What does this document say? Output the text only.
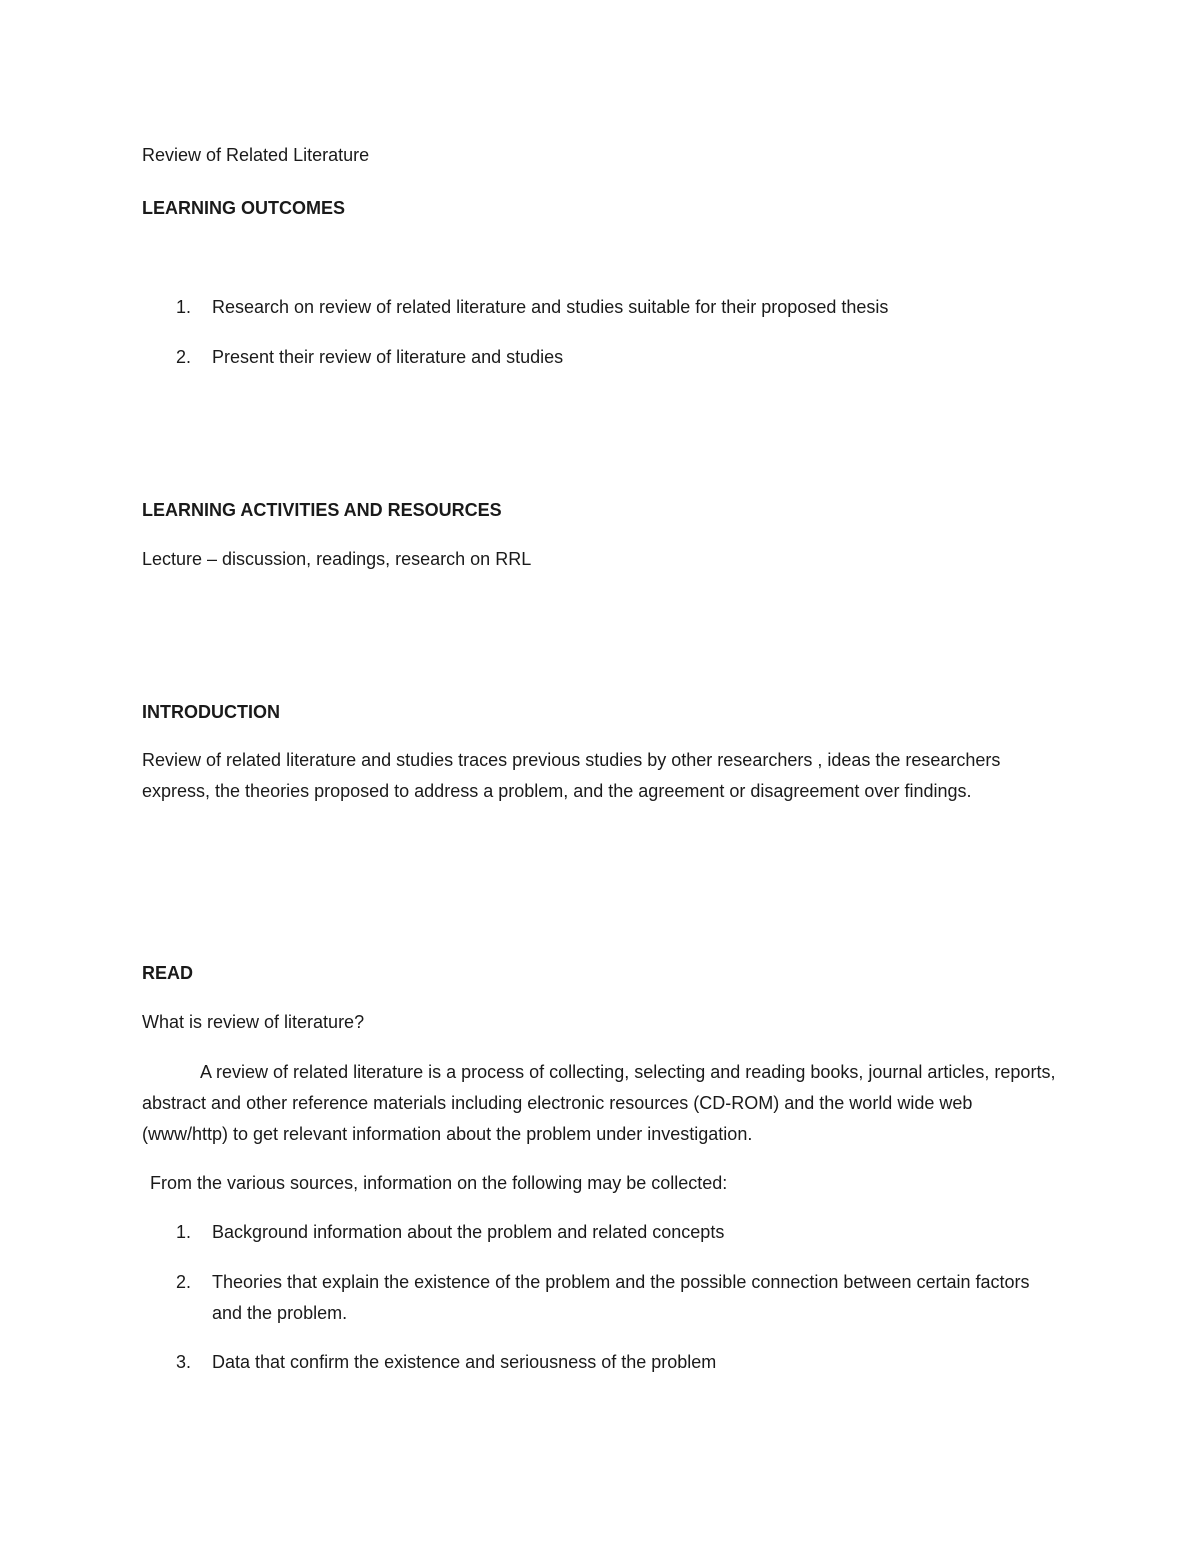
Review of Related Literature
LEARNING OUTCOMES
1.	Research on review of related literature and studies suitable for their proposed thesis
2.	Present their review of literature and studies
LEARNING ACTIVITIES AND RESOURCES
Lecture – discussion, readings, research on RRL
INTRODUCTION
Review of related literature and studies traces previous studies by other researchers , ideas the researchers express, the theories proposed to address a problem, and the agreement or disagreement over findings.
READ
What is review of literature?
A review of related literature is a process of collecting, selecting and reading books, journal articles, reports, abstract and other reference materials including electronic resources (CD-ROM) and the world wide web (www/http) to get relevant information about the problem under investigation.
From the various sources, information on the following may be collected:
1.	Background information about the problem and related concepts
2.	Theories that explain the existence of the problem and the possible connection between certain factors and the problem.
3.	Data that confirm the existence and seriousness of the problem
